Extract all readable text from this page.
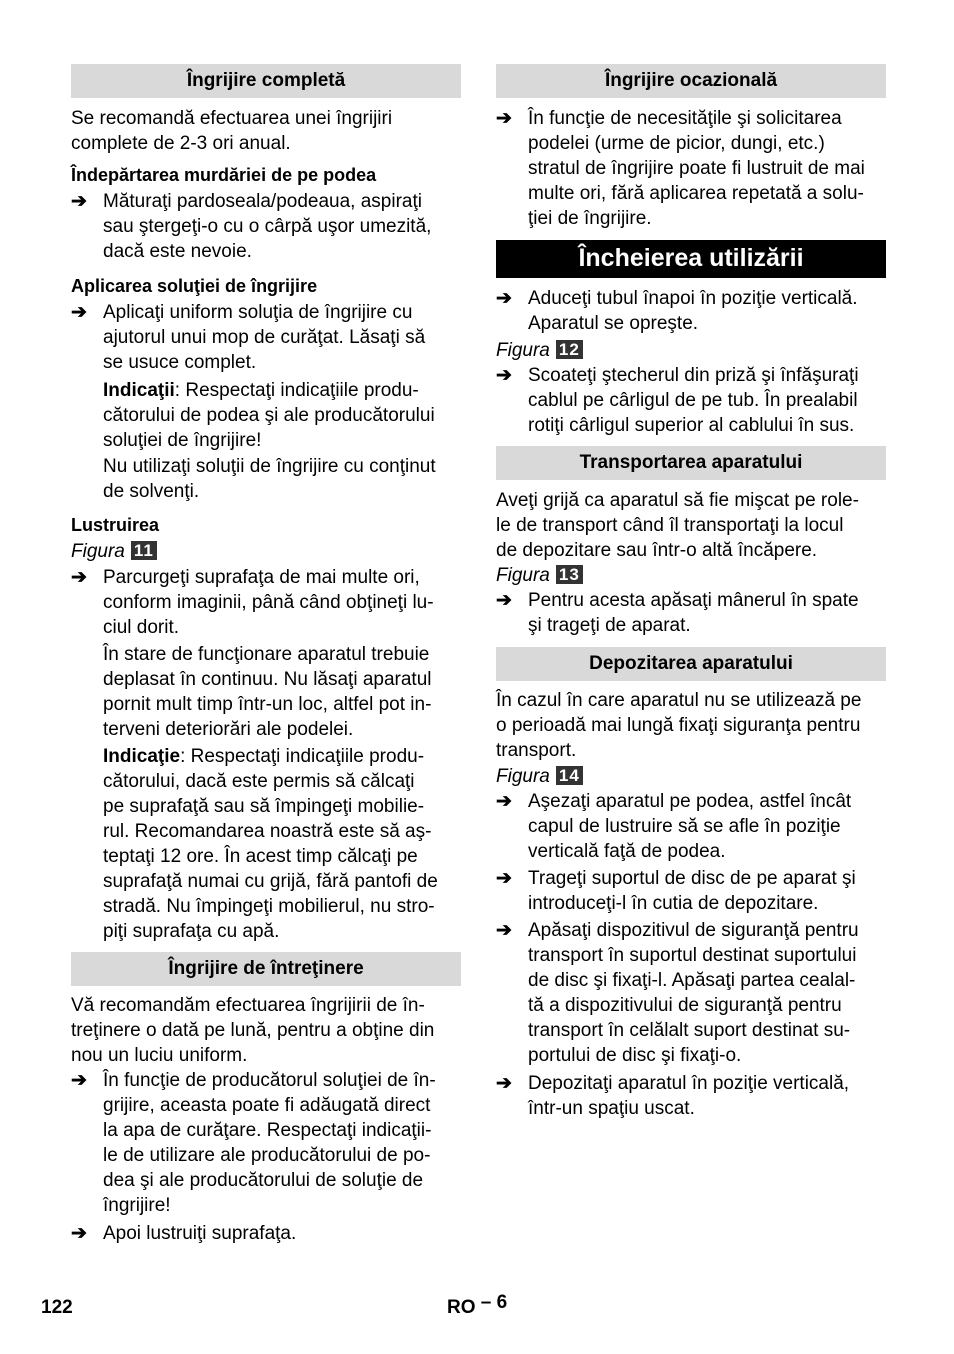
Îngrijire completă
Se recomandă efectuarea unei îngrijiri
complete de 2-3 ori anual.
Îndepărtarea murdăriei de pe podea
➔ Măturaţi pardoseala/podeaua, aspiraţi
sau ştergeţi-o cu o cârpă uşor umezită,
dacă este nevoie.
Aplicarea soluţiei de îngrijire
➔ Aplicaţi uniform soluţia de îngrijire cu
ajutorul unui mop de curăţat. Lăsaţi să
se usuce complet.
Indicaţii: Respectaţi indicaţiile produ-
cătorului de podea şi ale producătorului
soluţiei de îngrijire!
Nu utilizaţi soluţii de îngrijire cu conţinut
de solvenţi.
Lustruirea
Figura 11
➔ Parcurgeţi suprafaţa de mai multe ori,
conform imaginii, până când obţineţi lu-
ciul dorit.
În stare de funcţionare aparatul trebuie
deplasat în continuu. Nu lăsaţi aparatul
pornit mult timp într-un loc, altfel pot in-
terveni deteriorări ale podelei.
Indicaţie: Respectaţi indicaţiile produ-
cătorului, dacă este permis să călcaţi
pe suprafaţă sau să împingeţi mobilie-
rul. Recomandarea noastră este să aş-
teptaţi 12 ore. În acest timp călcaţi pe
suprafaţă numai cu grijă, fără pantofi de
stradă. Nu împingeţi mobilierul, nu stro-
piţi suprafaţa cu apă.
Îngrijire de întreţinere
Vă recomandăm efectuarea îngrijirii de în-
treţinere o dată pe lună, pentru a obţine din
nou un luciu uniform.
➔ În funcţie de producătorul soluţiei de în-
grijire, aceasta poate fi adăugată direct
la apa de curăţare. Respectaţi indicaţii-
le de utilizare ale producătorului de po-
dea şi ale producătorului de soluţie de
îngrijire!
➔ Apoi lustruiţi suprafaţa.
Îngrijire ocazională
➔ În funcţie de necesităţile şi solicitarea
podelei (urme de picior, dungi, etc.)
stratul de îngrijire poate fi lustruit de mai
multe ori, fără aplicarea repetată a solu-
ţiei de îngrijire.
Încheierea utilizării
➔ Aduceţi tubul înapoi în poziţie verticală.
Aparatul se opreşte.
Figura 12
➔ Scoateţi ştecherul din priză şi înfăşuraţi
cablul pe cârligul de pe tub. În prealabil
rotiţi cârligul superior al cablului în sus.
Transportarea aparatului
Aveţi grijă ca aparatul să fie mişcat pe role-
le de transport când îl transportaţi la locul
de depozitare sau într-o altă încăpere.
Figura 13
➔ Pentru acesta apăsaţi mânerul în spate
şi trageţi de aparat.
Depozitarea aparatului
În cazul în care aparatul nu se utilizează pe
o perioadă mai lungă fixaţi siguranţa pentru
transport.
Figura 14
➔ Aşezaţi aparatul pe podea, astfel încât
capul de lustruire să se afle în poziţie
verticală faţă de podea.
➔ Trageţi suportul de disc de pe aparat şi
introduceţi-l în cutia de depozitare.
➔ Apăsaţi dispozitivul de siguranţă pentru
transport în suportul destinat suportului
de disc şi fixaţi-l. Apăsaţi partea cealal-
tă a dispozitivului de siguranţă pentru
transport în celălalt suport destinat su-
portului de disc şi fixaţi-o.
➔ Depozitaţi aparatul în poziţie verticală,
într-un spaţiu uscat.
122	RO – 6
